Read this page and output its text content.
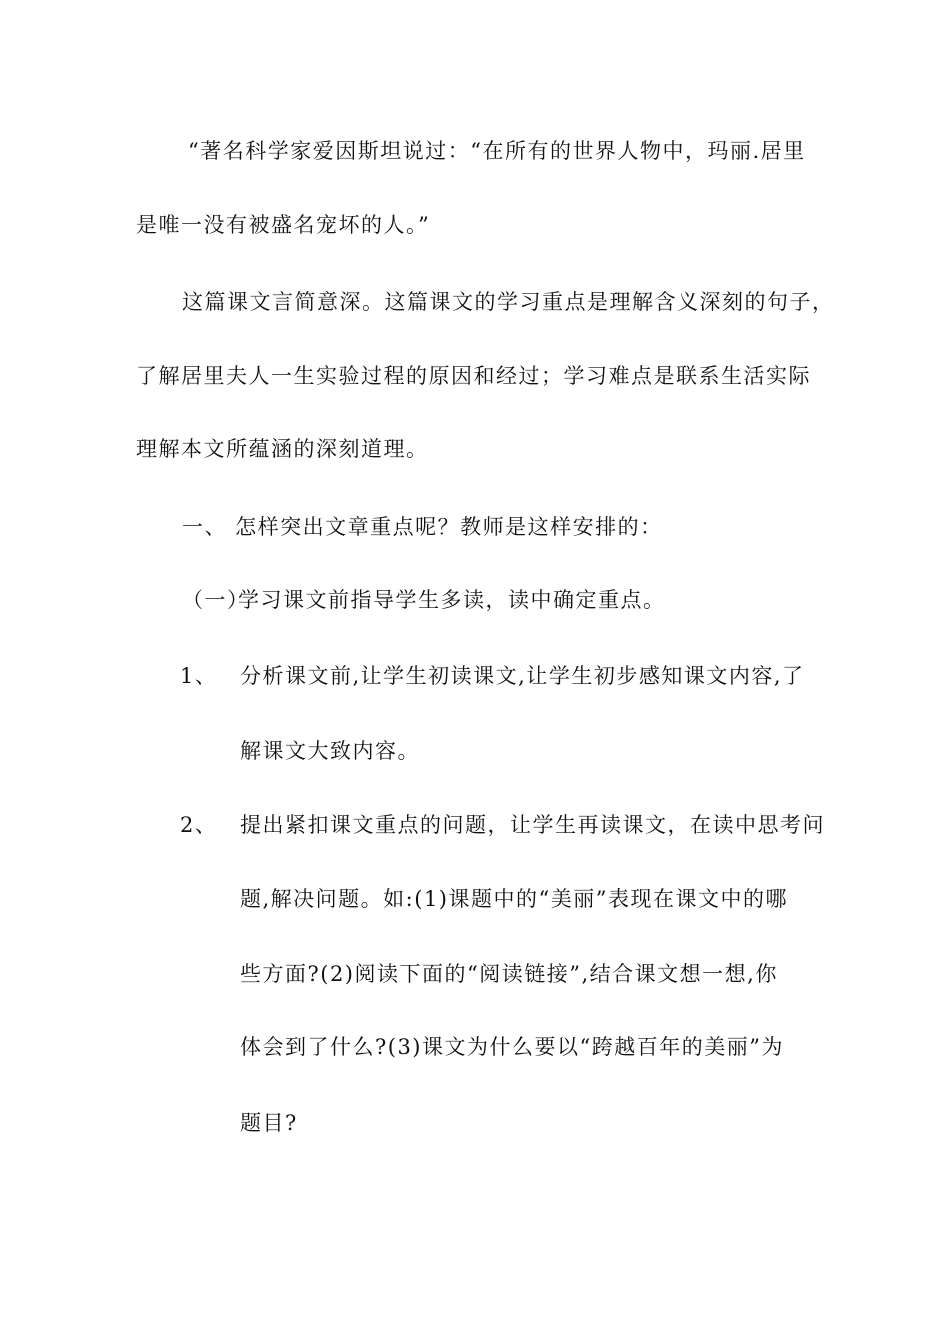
“著名科学家爱因斯坦说过：“在所有的世界人物中，玛丽.居里
是唯一没有被盛名宠坏的人。”
这篇课文言简意深。这篇课文的学习重点是理解含义深刻的句子，
了解居里夫人一生实验过程的原因和经过；学习难点是联系生活实际
理解本文所蕴涵的深刻道理。
一、 怎样突出文章重点呢？教师是这样安排的：
（一）
学习课文前指导学生多读，读中确定重点。
1、 分析课文前,让学生初读课文,让学生初步感知课文内容,了
解课文大致内容。
2、 提出紧扣课文重点的问题，让学生再读课文，在读中思考问
题,解决问题。如:(1)课题中的“美丽”表现在课文中的哪
些方面?(2)阅读下面的“阅读链接”,结合课文想一想,你
体会到了什么?(3)课文为什么要以“跨越百年的美丽”为
题目?
